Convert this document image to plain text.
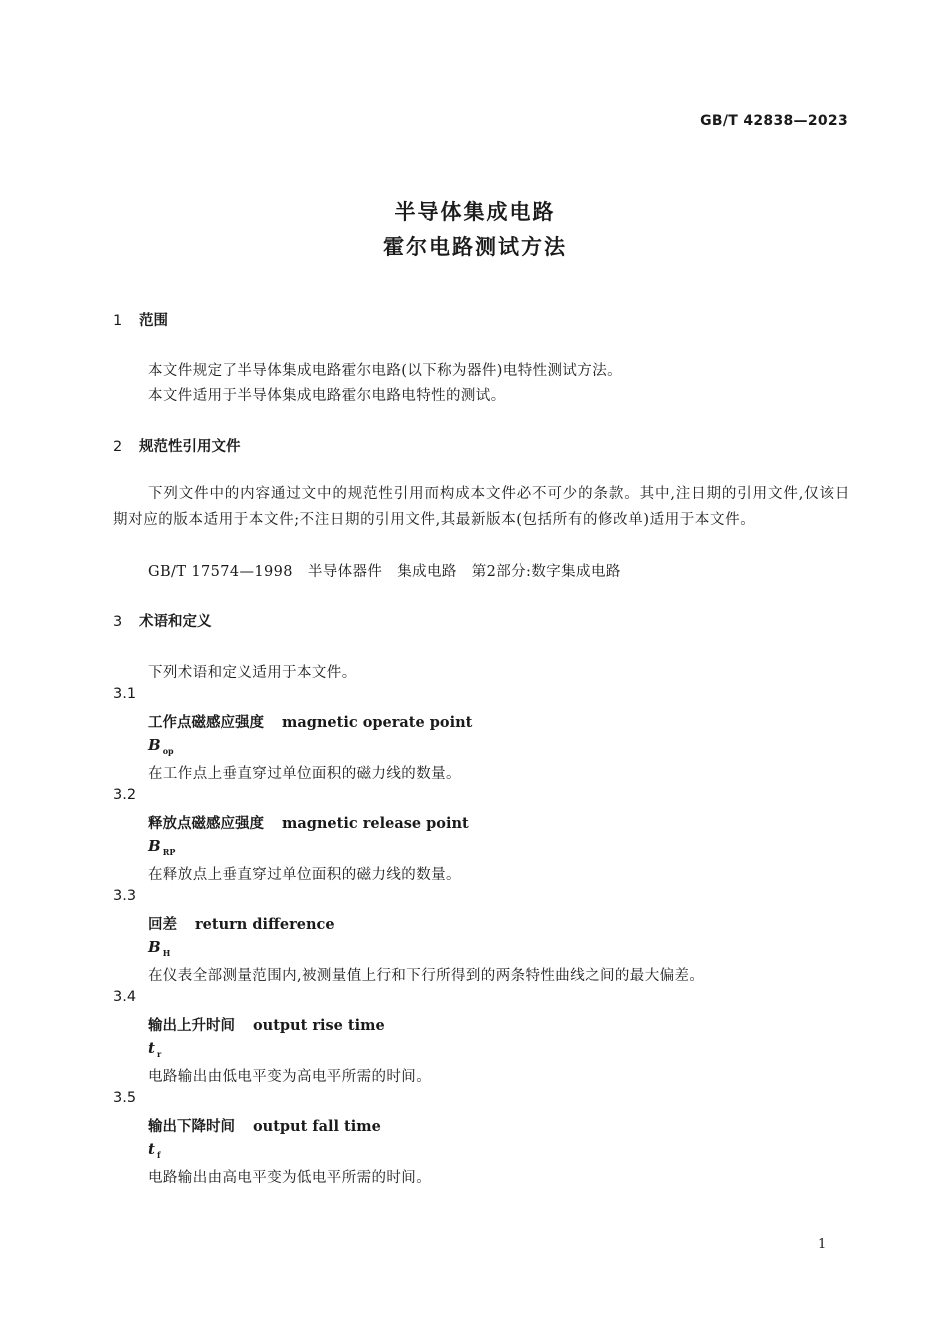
GB/T 42838—2023
半导体集成电路
霍尔电路测试方法
1 范围
本文件规定了半导体集成电路霍尔电路(以下称为器件)电特性测试方法。
本文件适用于半导体集成电路霍尔电路电特性的测试。
2 规范性引用文件
下列文件中的内容通过文中的规范性引用而构成本文件必不可少的条款。其中,注日期的引用文件,仅该日期对应的版本适用于本文件;不注日期的引用文件,其最新版本(包括所有的修改单)适用于本文件。
GB/T 17574—1998　半导体器件　集成电路　第2部分:数字集成电路
3 术语和定义
下列术语和定义适用于本文件。
3.1
工作点磁感应强度 magnetic operate point
B $_{op}$
在工作点上垂直穿过单位面积的磁力线的数量。
3.2
释放点磁感应强度 magnetic release point
B $_{RP}$
在释放点上垂直穿过单位面积的磁力线的数量。
3.3
回差 return difference
B $_H$
在仪表全部测量范围内,被测量值上行和下行所得到的两条特性曲线之间的最大偏差。
3.4
输出上升时间 output rise time
t $_r$
电路输出由低电平变为高电平所需的时间。
3.5
输出下降时间 output fall time
t $_f$
电路输出由高电平变为低电平所需的时间。
1
